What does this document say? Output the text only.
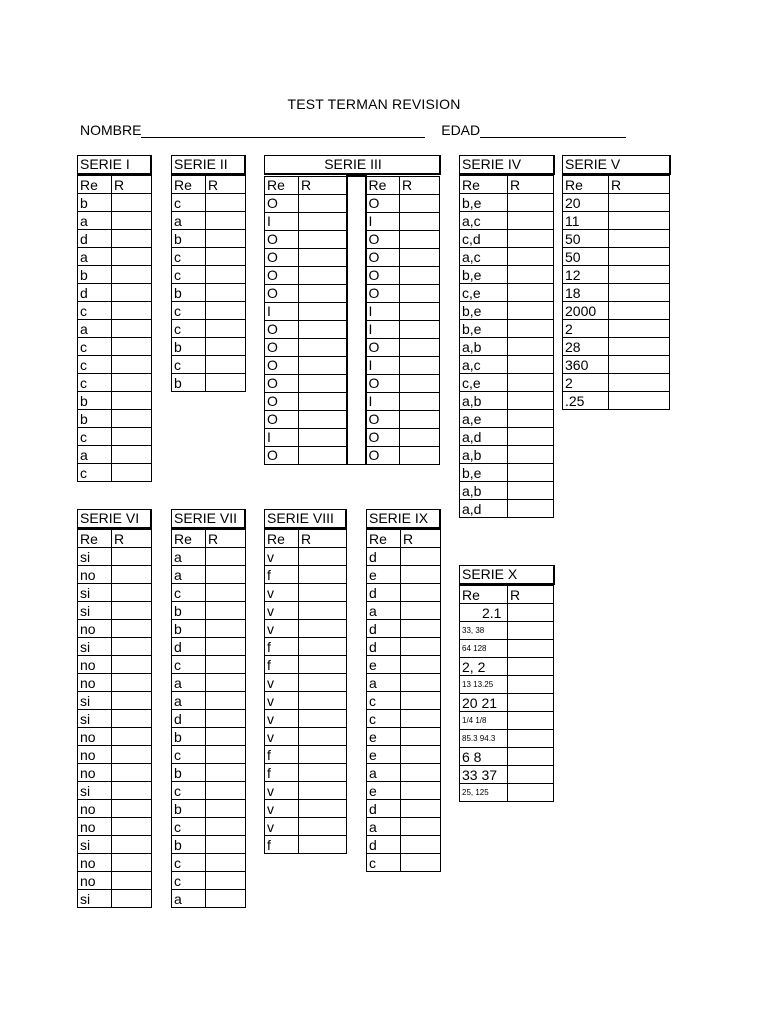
TEST TERMAN REVISION
NOMBRE	EDAD
SERIE I
Re	R
b	
a	
d	
a	
b	
d	
c	
a	
c	
c	
c	
b	
b	
c	
a	
c	
SERIE II
Re	R
c	
a	
b	
c	
c	
b	
c	
c	
b	
c	
b	
SERIE III
Re	R		Re	R
O			O	
I			I	
O			O	
O			O	
O			O	
O			O	
I			I	
O			I	
O			O	
O			I	
O			O	
O			I	
O			O	
I			O	
O			O	
SERIE IV
Re	R
b,e	
a,c	
c,d	
a,c	
b,e	
c,e	
b,e	
b,e	
a,b	
a,c	
c,e	
a,b	
a,e	
a,d	
a,b	
b,e	
a,b	
a,d	
SERIE V
Re	R
20	
11	
50	
50	
12	
18	
2000	
2	
28	
360	
2	
.25	
SERIE VI
Re	R
si	
no	
si	
si	
no	
si	
no	
no	
si	
si	
no	
no	
no	
si	
no	
no	
si	
no	
no	
si	
SERIE VII
Re	R
a	
a	
c	
b	
b	
d	
c	
a	
a	
d	
b	
c	
b	
c	
b	
c	
b	
c	
c	
a	
SERIE VIII
Re	R
v	
f	
v	
v	
v	
f	
f	
v	
v	
v	
v	
f	
f	
v	
v	
v	
f	
SERIE IX
Re	R
d	
e	
d	
a	
d	
d	
e	
a	
c	
c	
e	
e	
a	
e	
d	
a	
d	
c	
SERIE X
Re	R
2.1	
33, 38	
64 128	
2, 2	
13 13.25	
20 21	
1/4 1/8	
85.3 94.3	
6 8	
33 37	
25, 125	
